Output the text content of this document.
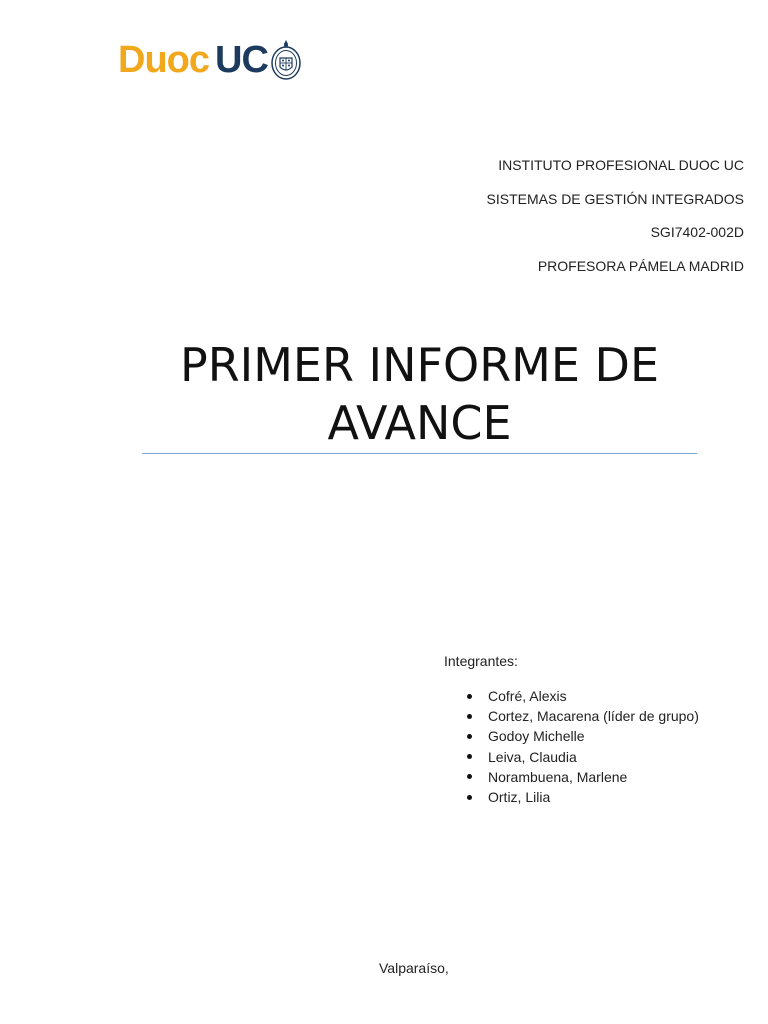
Duoc UC
INSTITUTO PROFESIONAL DUOC UC
SISTEMAS DE GESTIÓN INTEGRADOS
SGI7402-002D
PROFESORA PÁMELA MADRID
PRIMER INFORME DE
AVANCE
Integrantes:
Cofré, Alexis
Cortez, Macarena (líder de grupo)
Godoy Michelle
Leiva, Claudia
Norambuena, Marlene
Ortiz, Lilia
Valparaíso,
